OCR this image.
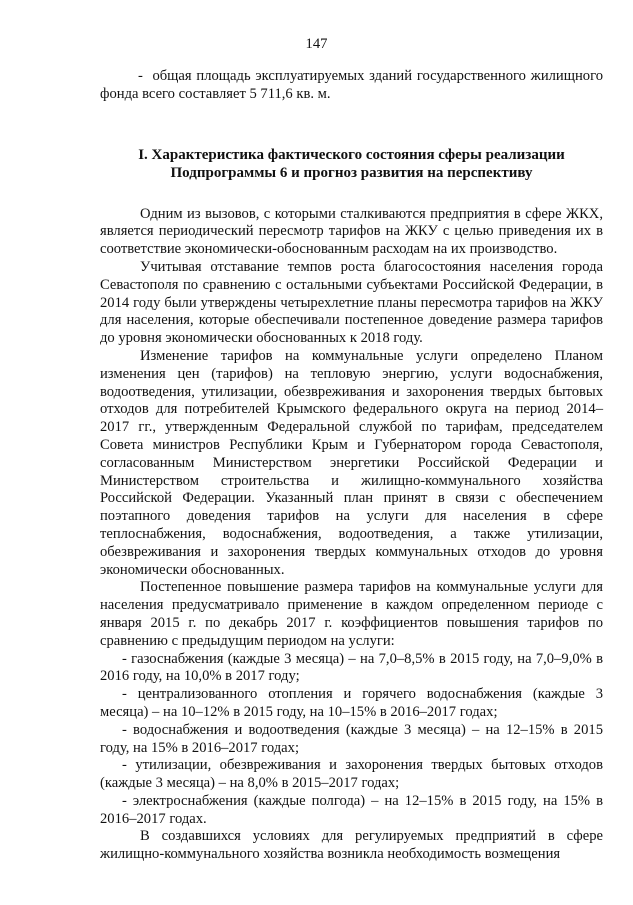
147

-  общая площадь эксплуатируемых зданий государственного жилищного фонда всего составляет 5 711,6 кв. м.

I. Характеристика фактического состояния сферы реализации
Подпрограммы 6 и прогноз развития на перспективу

Одним из вызовов, с которыми сталкиваются предприятия в сфере ЖКХ, является периодический пересмотр тарифов на ЖКУ с целью приведения их в соответствие экономически-обоснованным расходам на их производство.

Учитывая отставание темпов роста благосостояния населения города Севастополя по сравнению с остальными субъектами Российской Федерации, в 2014 году были утверждены четырехлетние планы пересмотра тарифов на ЖКУ для населения, которые обеспечивали постепенное доведение размера тарифов до уровня экономически обоснованных к 2018 году.

Изменение тарифов на коммунальные услуги определено Планом изменения цен (тарифов) на тепловую энергию, услуги водоснабжения, водоотведения, утилизации, обезвреживания и захоронения твердых бытовых отходов для потребителей Крымского федерального округа на период 2014–2017 гг., утвержденным Федеральной службой по тарифам, председателем Совета министров Республики Крым и Губернатором города Севастополя, согласованным Министерством энергетики Российской Федерации и Министерством строительства и жилищно-коммунального хозяйства Российской Федерации. Указанный план принят в связи с обеспечением поэтапного доведения тарифов на услуги для населения в сфере теплоснабжения, водоснабжения, водоотведения, а также утилизации, обезвреживания и захоронения твердых коммунальных отходов до уровня экономически обоснованных.

Постепенное повышение размера тарифов на коммунальные услуги для населения предусматривало применение в каждом определенном периоде с января 2015 г. по декабрь 2017 г. коэффициентов повышения тарифов по сравнению с предыдущим периодом на услуги:

- газоснабжения (каждые 3 месяца) – на 7,0–8,5% в 2015 году, на 7,0–9,0% в 2016 году, на 10,0% в 2017 году;

- централизованного отопления и горячего водоснабжения (каждые 3 месяца) – на 10–12% в 2015 году, на 10–15% в 2016–2017 годах;

- водоснабжения и водоотведения (каждые 3 месяца) – на 12–15% в 2015 году, на 15% в 2016–2017 годах;

- утилизации, обезвреживания и захоронения твердых бытовых отходов (каждые 3 месяца) – на 8,0% в 2015–2017 годах;

- электроснабжения (каждые полгода) – на 12–15% в 2015 году, на 15% в 2016–2017 годах.

В создавшихся условиях для регулируемых предприятий в сфере жилищно-коммунального хозяйства возникла необходимость возмещения
